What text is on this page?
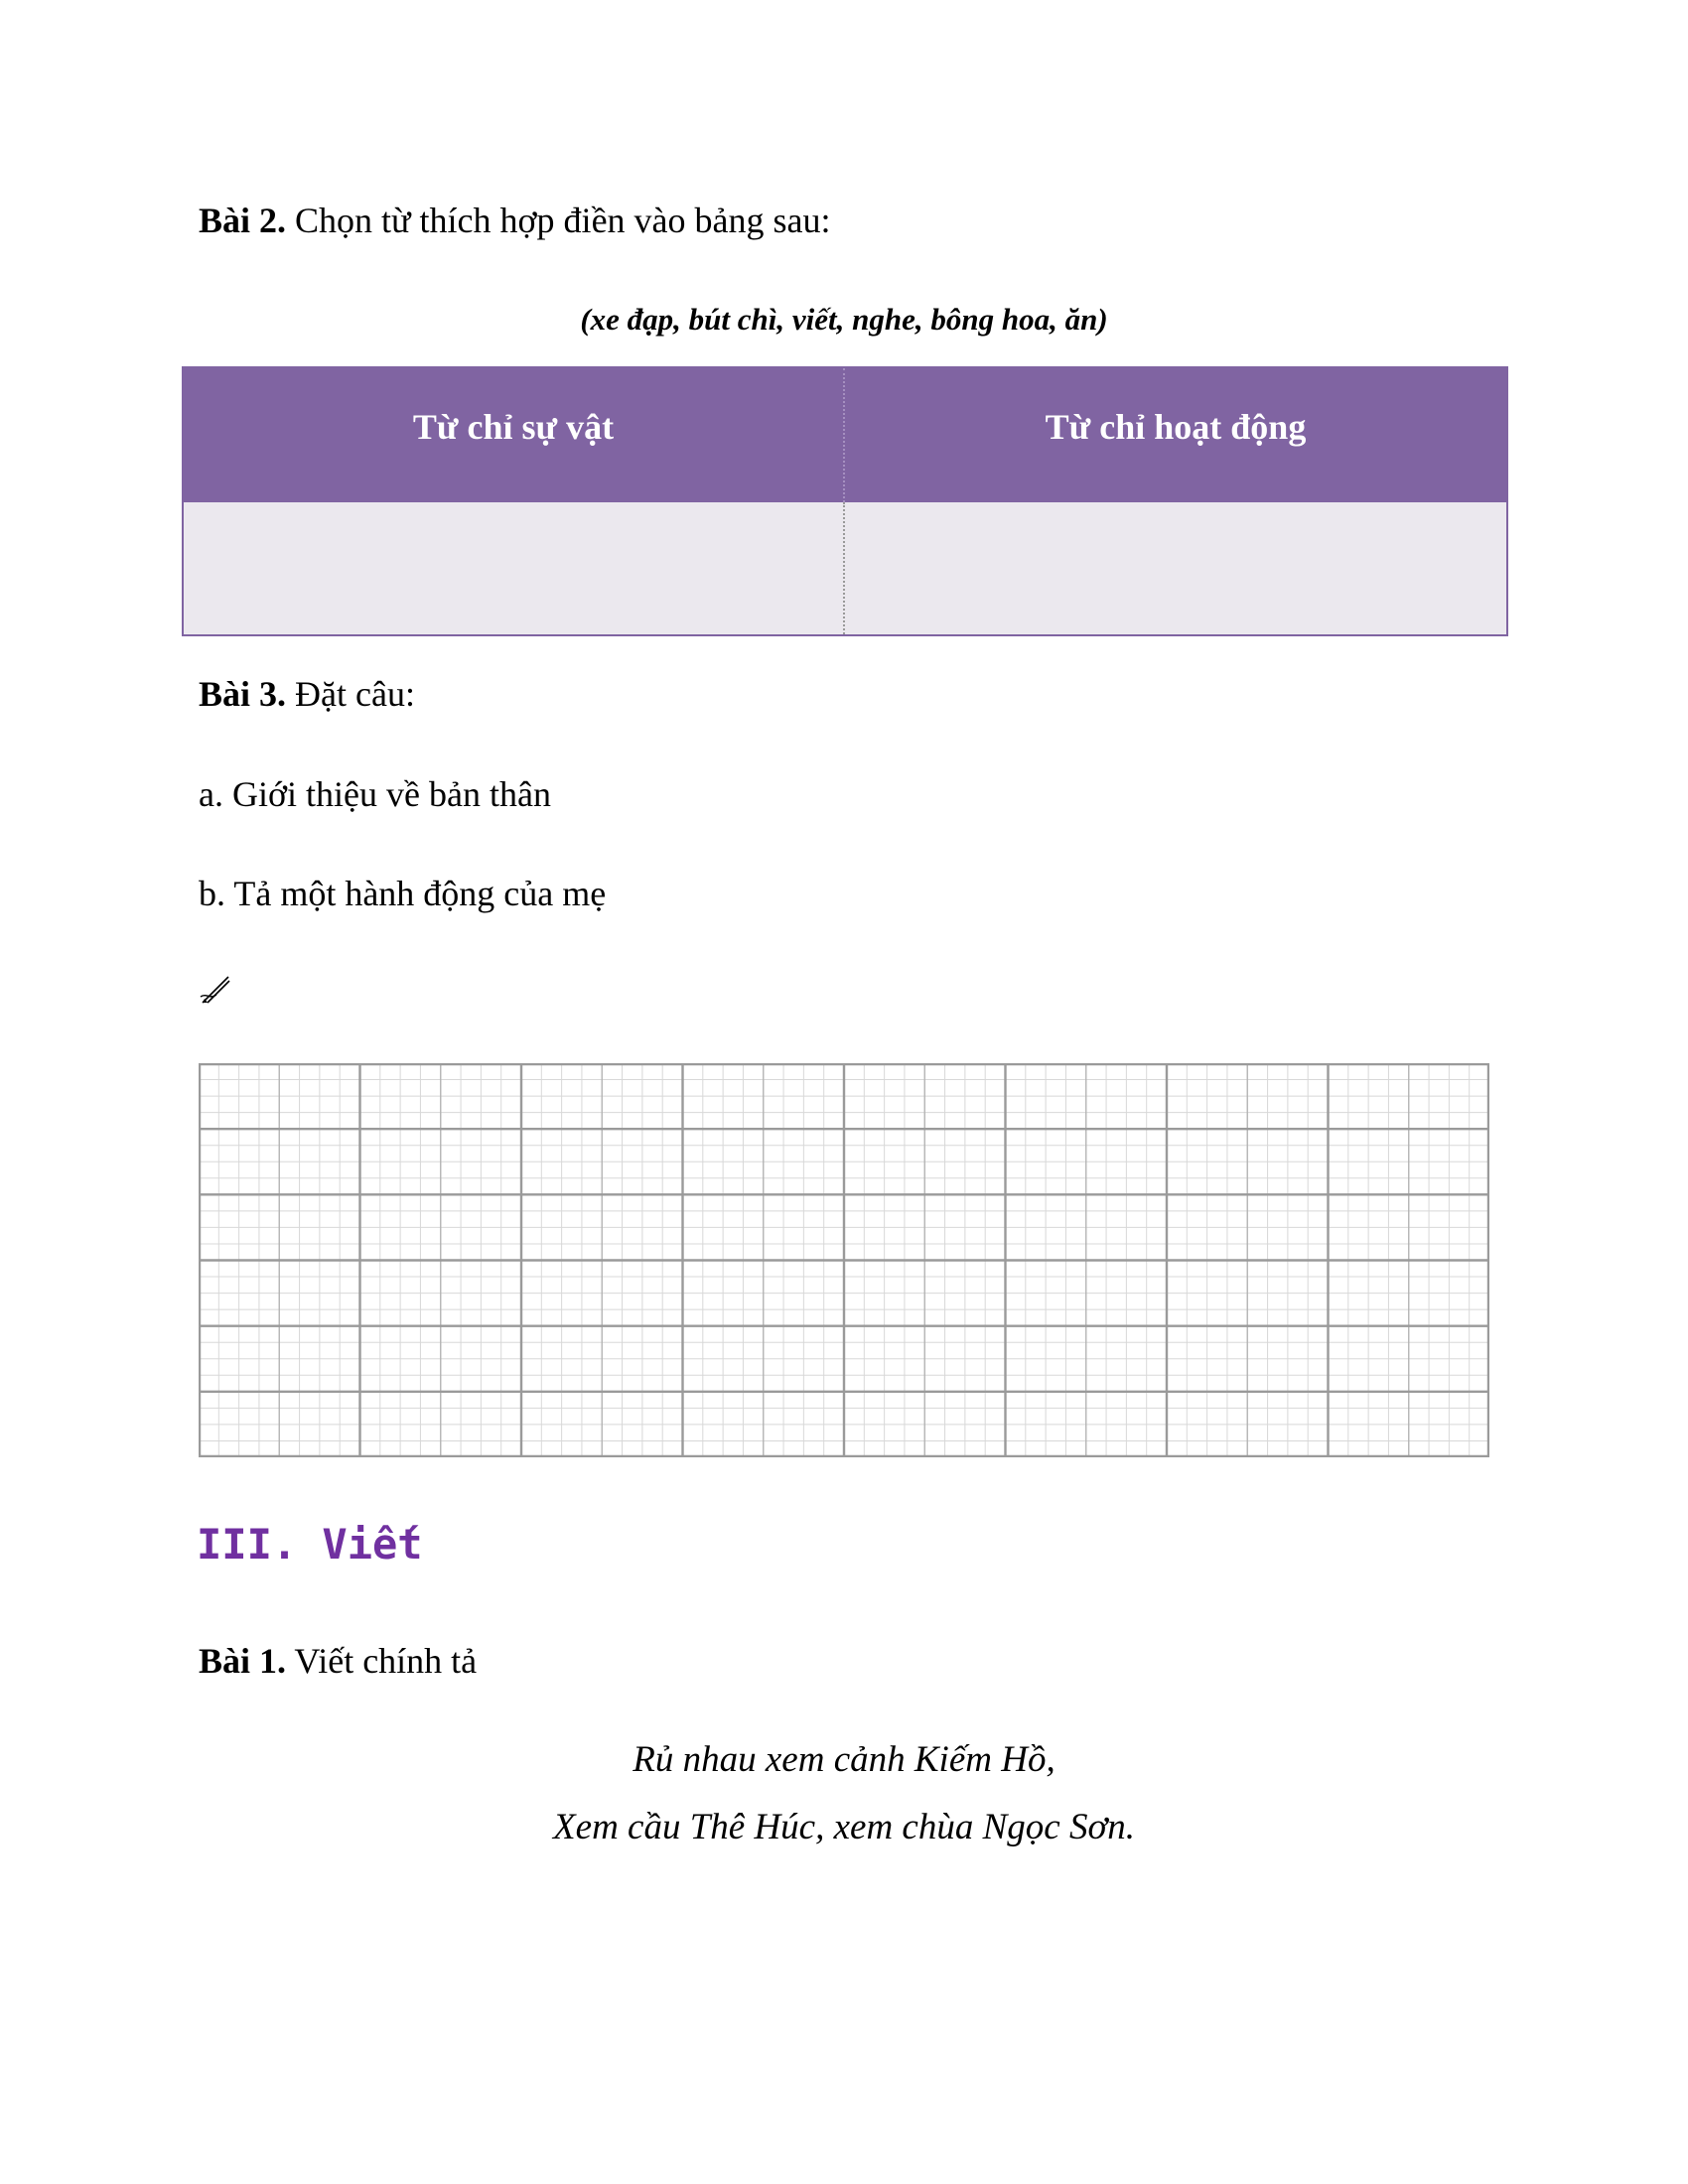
Bài 2. Chọn từ thích hợp điền vào bảng sau:
(xe đạp, bút chì, viết, nghe, bông hoa, ăn)
Từ chỉ sự vật	Từ chỉ hoạt động
Bài 3. Đặt câu:
a. Giới thiệu về bản thân
b. Tả một hành động của mẹ
III. Viết
Bài 1. Viết chính tả
Rủ nhau xem cảnh Kiếm Hồ,
Xem cầu Thê Húc, xem chùa Ngọc Sơn.
